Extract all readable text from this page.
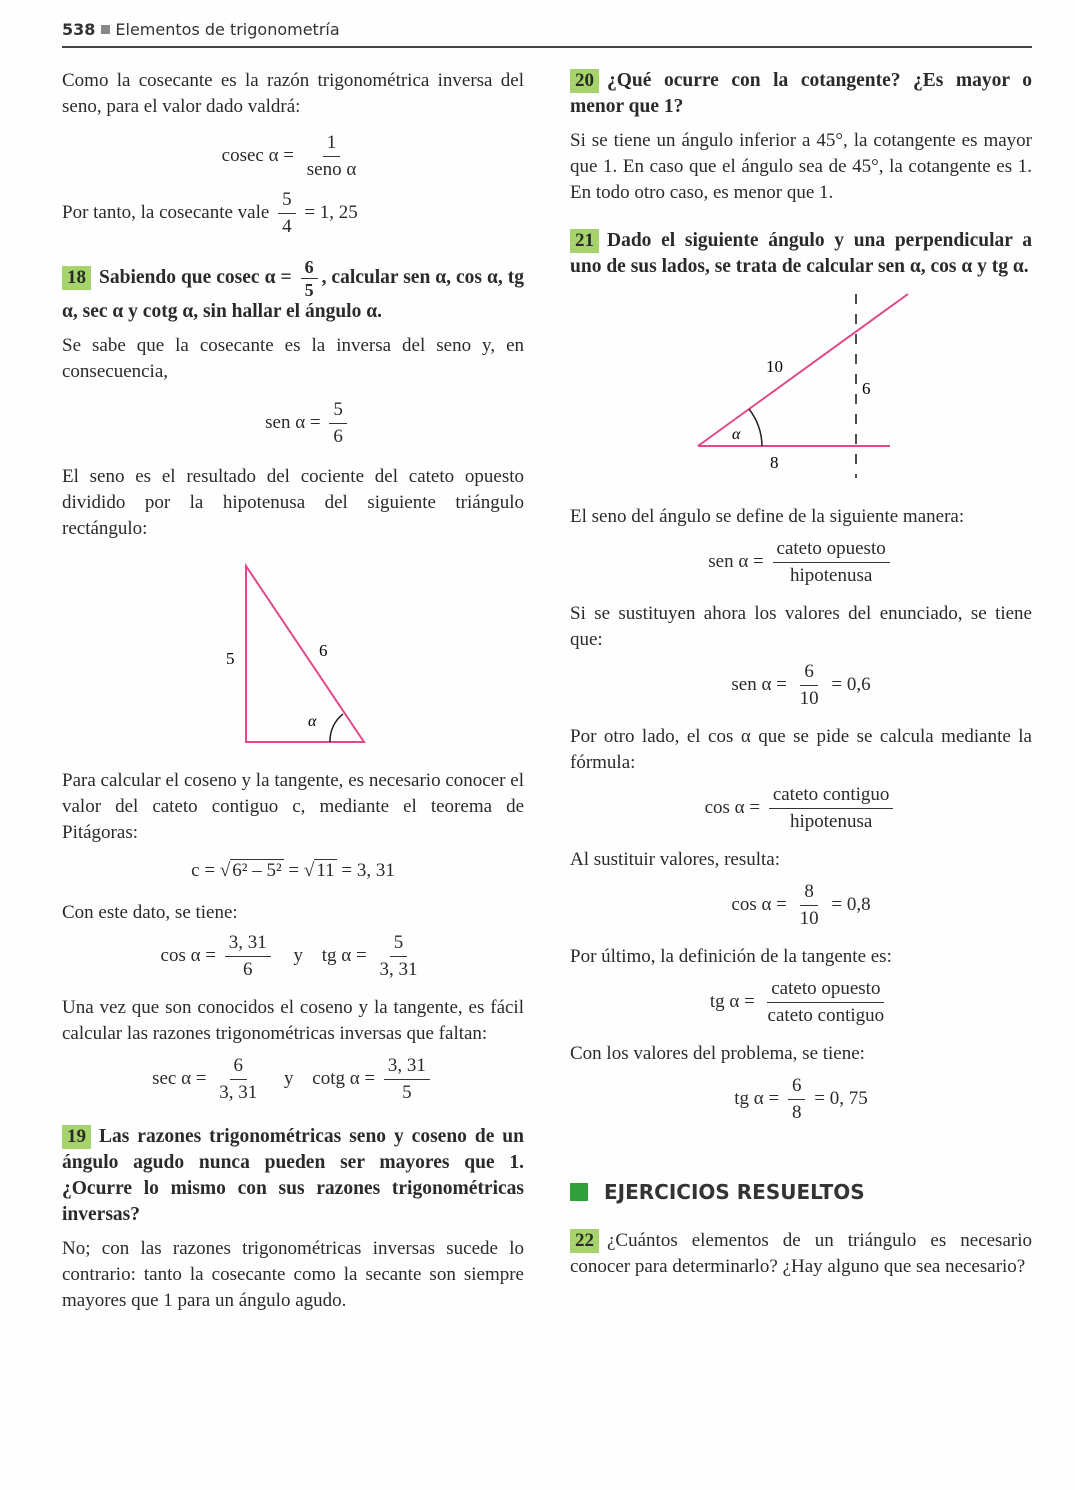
538 Elementos de trigonometría

Como la cosecante es la razón trigonométrica inversa del seno, para el valor dado valdrá:

cosec $\alpha = \frac{1}{\text{seno α}}$
Por tanto, la cosecante vale $\frac{5}{4} = 1$, 25
18 Sabiendo que cosec $\alpha = \frac{6}{5}$ , calcular sen α, cos α, tg α, sec α y cotg α, sin hallar el ángulo α.

Se sabe que la cosecante es la inversa del seno y, en consecuencia,

sen $\alpha = \frac{5}{6}$

El seno es el resultado del cociente del cateto opuesto dividido por la hipotenusa del siguiente triángulo rectángulo:

5	6
α

Para calcular el coseno y la tangente, es necesario conocer el valor del cateto contiguo c, mediante el teorema de Pitágoras:

c = √ 6² – 5² = √ 11 = 3, 31

Con este dato, se tiene:

$\cos \alpha = \frac{3, 31}{6}$ y tg $\alpha = \frac{5}{3, 31}$

Una vez que son conocidos el coseno y la tangente, es fácil calcular las razones trigonométricas inversas que faltan:

$\sec \alpha = \frac{6}{3, 31}$ y cotg $\alpha = \frac{3, 31}{5}$
19 Las razones trigonométricas seno y coseno de un ángulo agudo nunca pueden ser mayores que 1. ¿Ocurre lo mismo con sus razones trigonométricas inversas?

No; con las razones trigonométricas inversas sucede lo contrario: tanto la cosecante como la secante son siempre mayores que 1 para un ángulo agudo.

20 ¿Qué ocurre con la cotangente? ¿Es mayor o menor que 1?

Si se tiene un ángulo inferior a 45°, la cotangente es mayor que 1. En caso que el ángulo sea de 45°, la cotangente es 1. En todo otro caso, es menor que 1.

21 Dado el siguiente ángulo y una perpendicular a uno de sus lados, se trata de calcular sen α, cos α y tg α.
10
6
8
α

El seno del ángulo se define de la siguiente manera:

sen $\alpha = \frac{\text{cateto opuesto}}{\text{hipotenusa}}$

Si se sustituyen ahora los valores del enunciado, se tiene que:

sen $\alpha = \frac{6}{10} = 0,6$

Por otro lado, el cos α que se pide se calcula mediante la fórmula:

$\cos \alpha = \frac{\text{cateto contiguo}}{\text{hipotenusa}}$

Al sustituir valores, resulta:

$\cos \alpha = \frac{8}{10} = 0,8$

Por último, la definición de la tangente es:

tg $\alpha = \frac{\text{cateto opuesto}}{\text{cateto contiguo}}$

Con los valores del problema, se tiene:

tg $\alpha = \frac{6}{8} = 0$, 75
EJERCICIOS RESUELTOS
22 ¿Cuántos elementos de un triángulo es necesario conocer para determinarlo? ¿Hay alguno que sea necesario?
